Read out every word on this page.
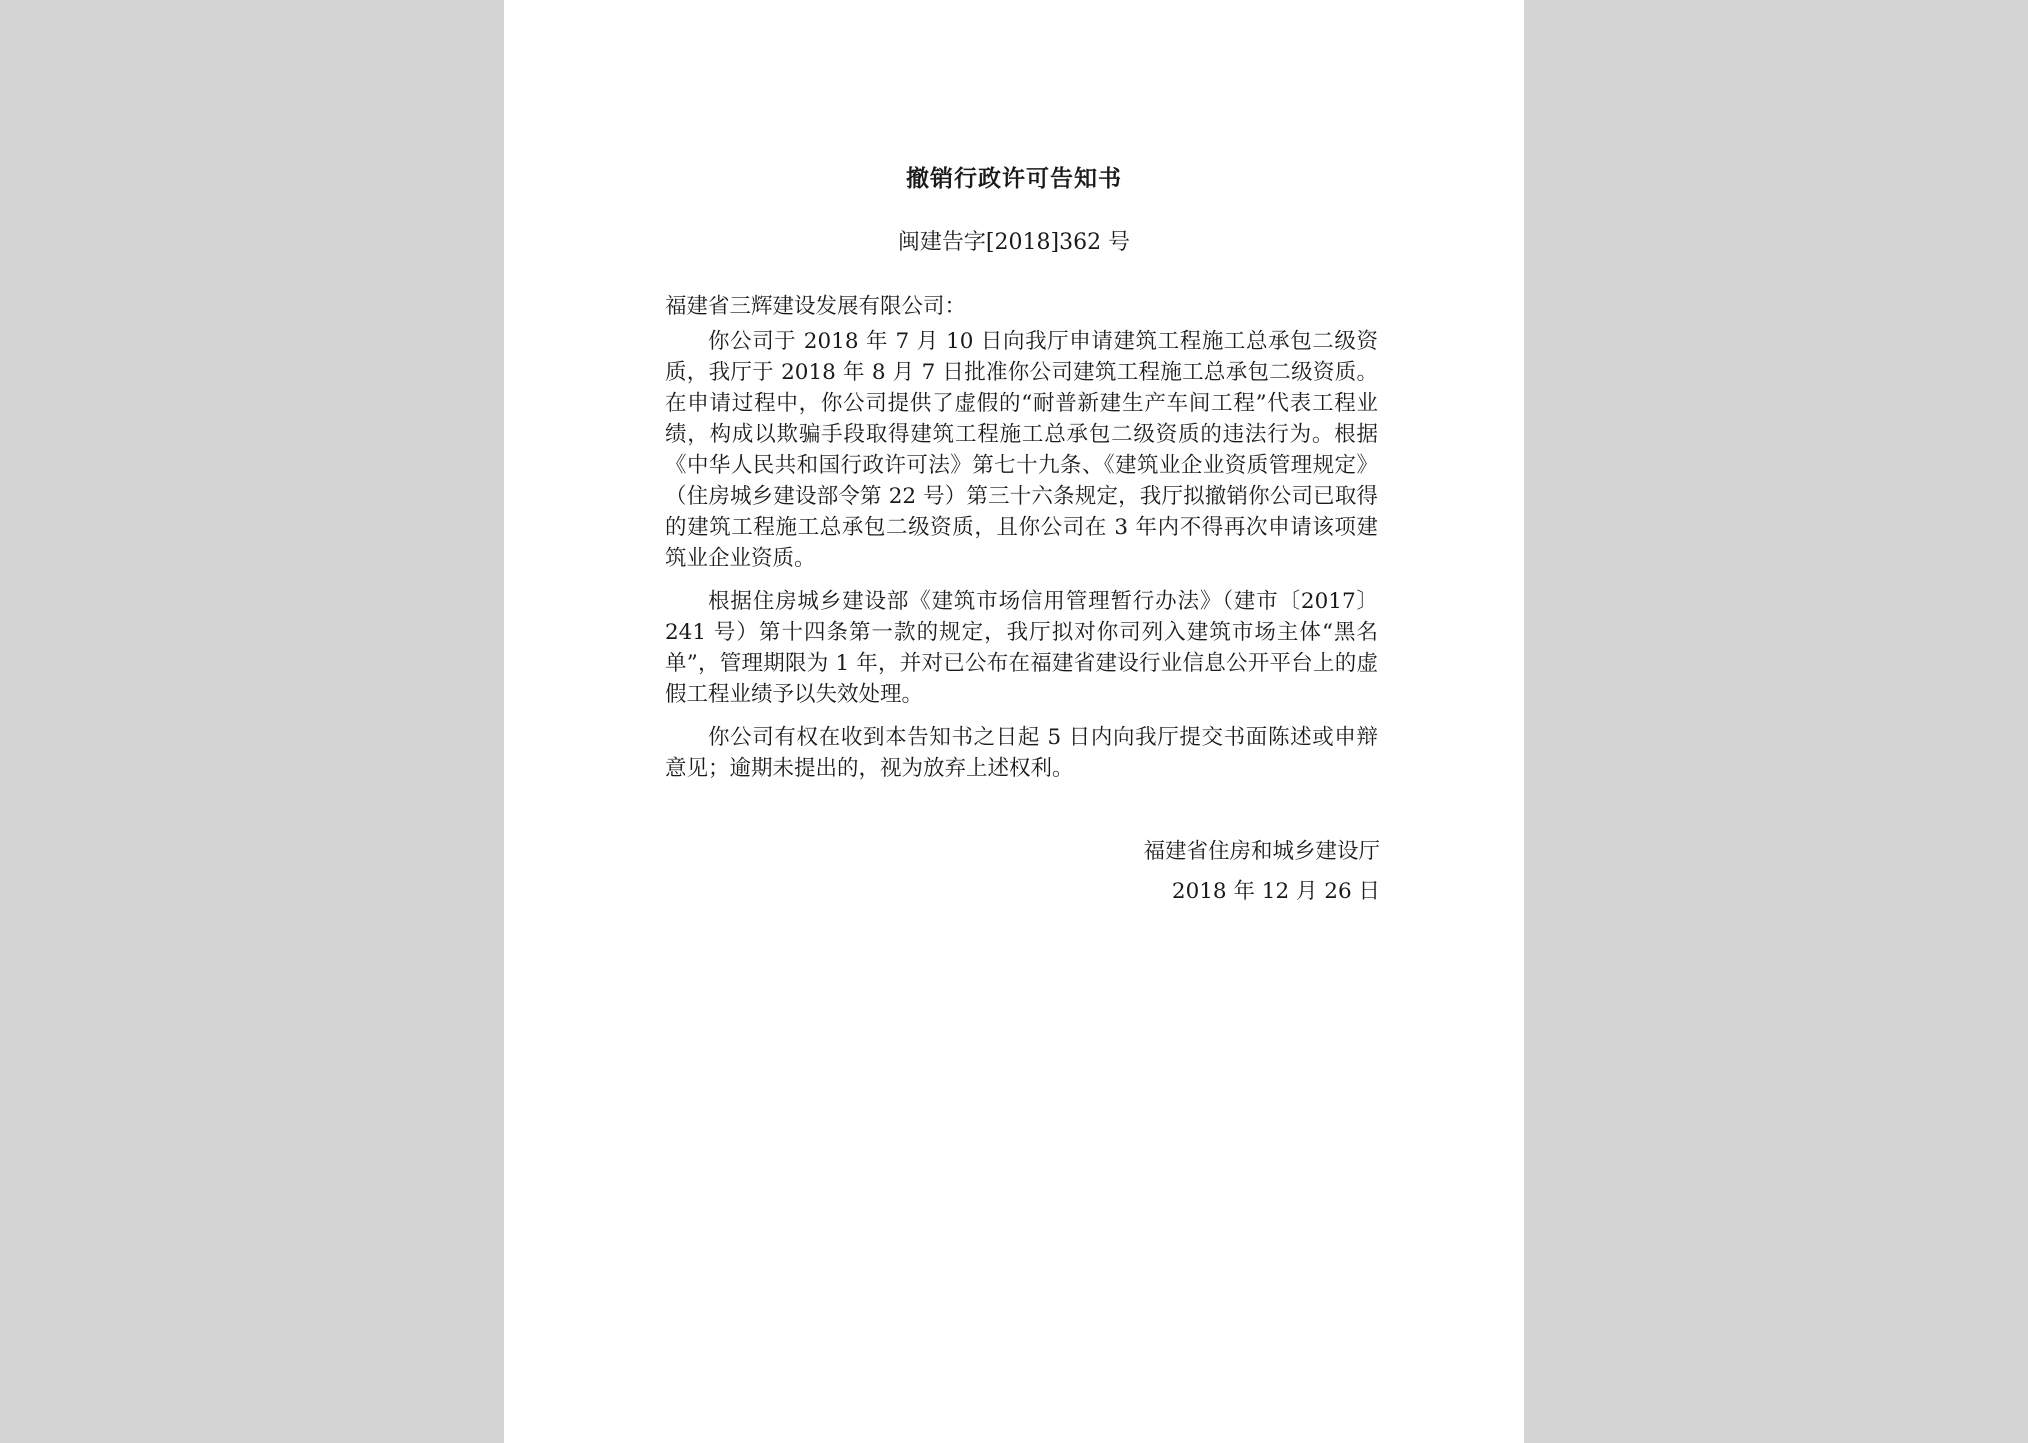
撤销行政许可告知书
闽建告字[2018]362 号

福建省三辉建设发展有限公司：

你公司于 2018 年 7 月 10 日向我厅申请建筑工程施工总承包二级资质，我厅于 2018 年 8 月 7 日批准你公司建筑工程施工总承包二级资质。在申请过程中，你公司提供了虚假的“耐普新建生产车间工程”代表工程业绩，构成以欺骗手段取得建筑工程施工总承包二级资质的违法行为。根据《中华人民共和国行政许可法》第七十九条、《建筑业企业资质管理规定》（住房城乡建设部令第 22 号）第三十六条规定，我厅拟撤销你公司已取得的建筑工程施工总承包二级资质，且你公司在 3 年内不得再次申请该项建筑业企业资质。

根据住房城乡建设部《建筑市场信用管理暂行办法》（建市〔2017〕241 号）第十四条第一款的规定，我厅拟对你司列入建筑市场主体“黑名单”，管理期限为 1 年，并对已公布在福建省建设行业信息公开平台上的虚假工程业绩予以失效处理。

你公司有权在收到本告知书之日起 5 日内向我厅提交书面陈述或申辩意见；逾期未提出的，视为放弃上述权利。

福建省住房和城乡建设厅
2018 年 12 月 26 日
